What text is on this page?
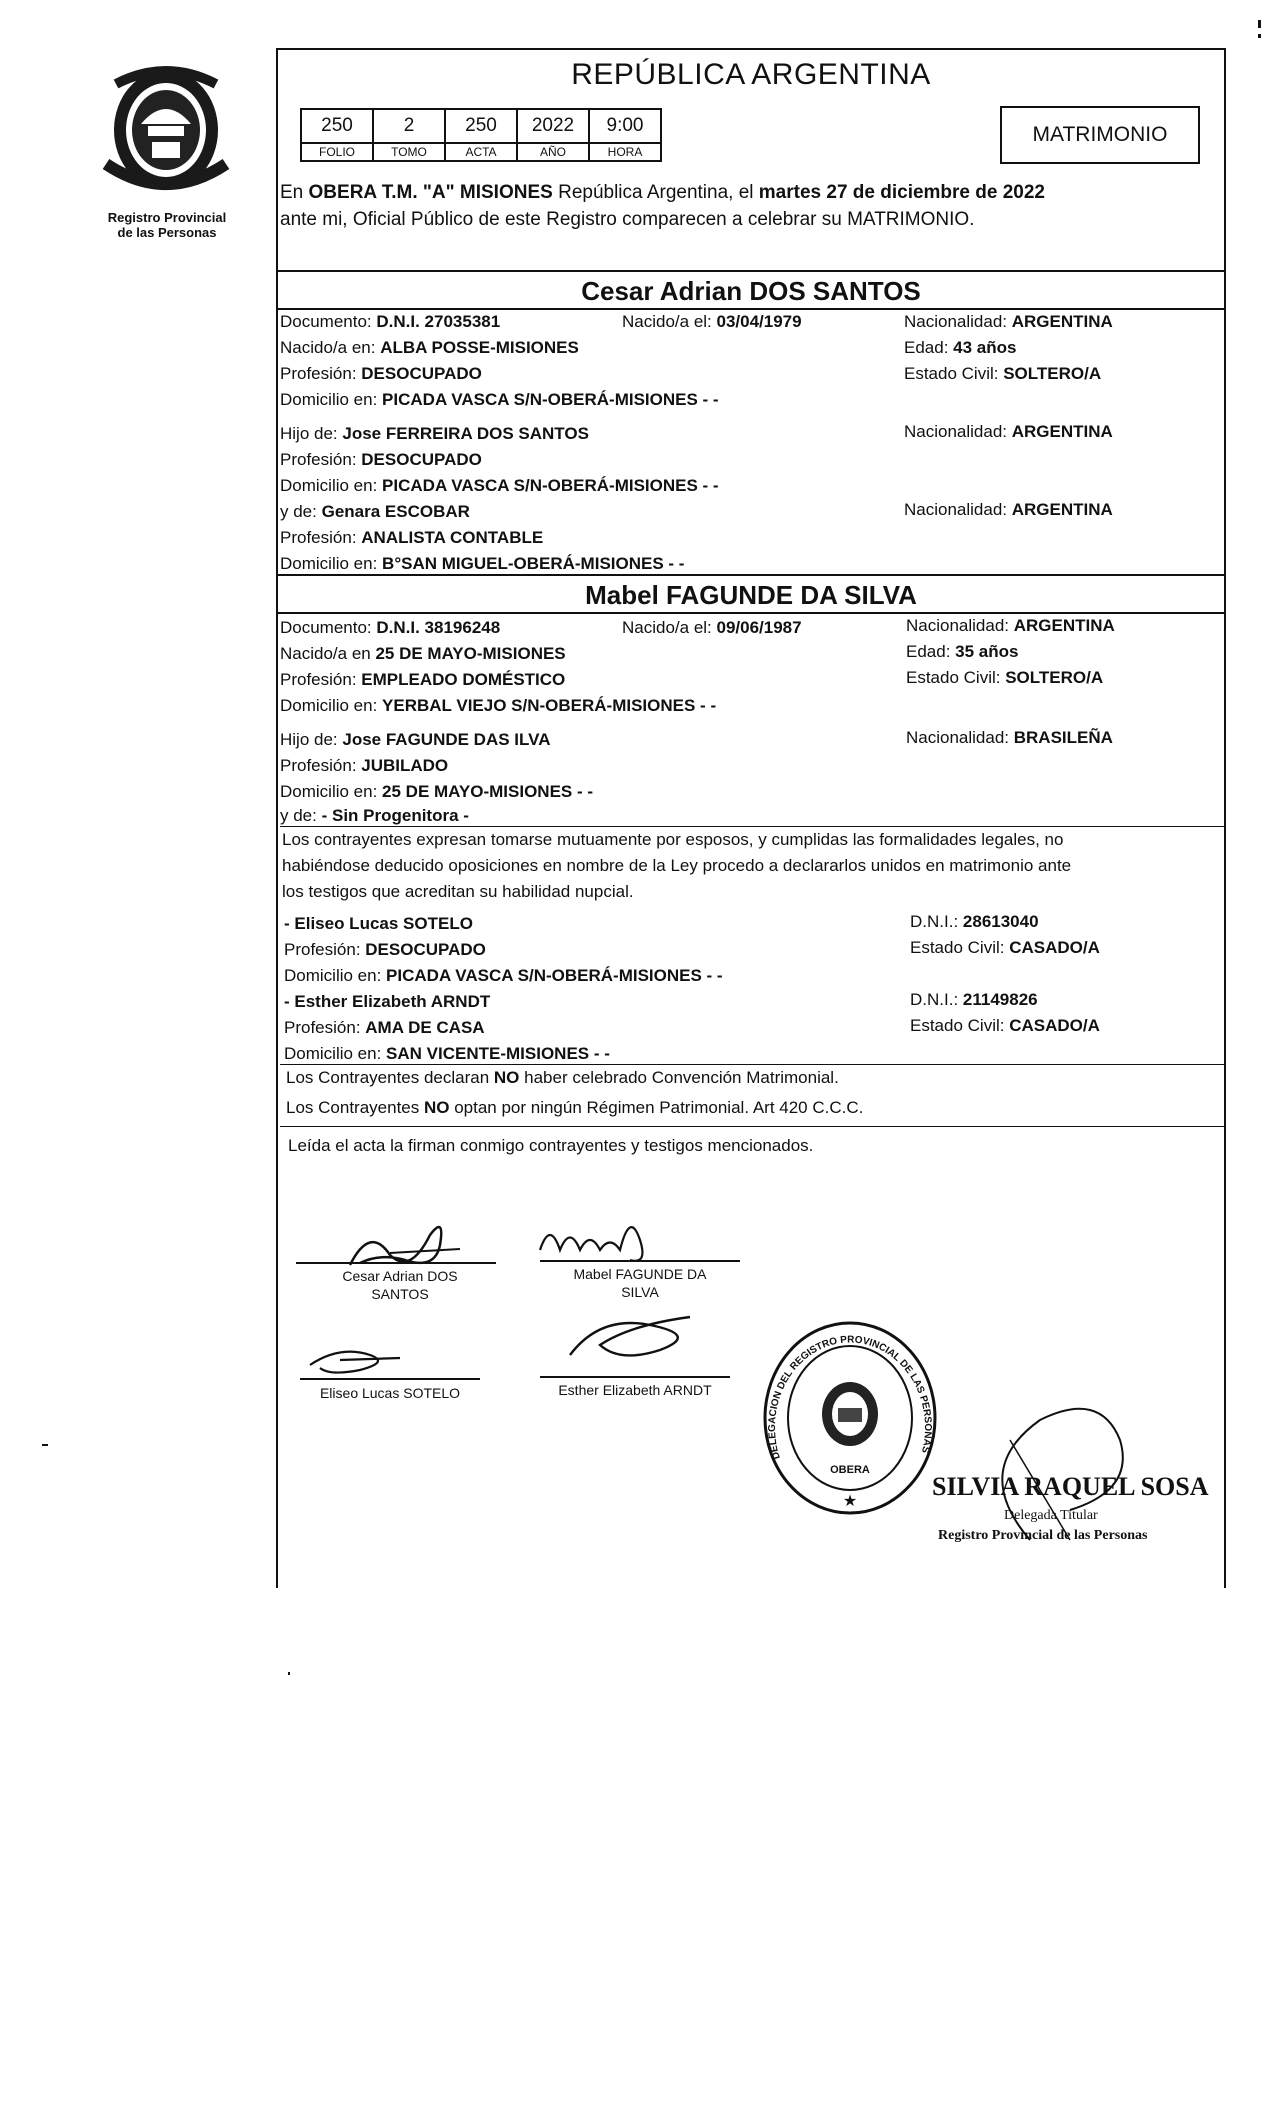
Registro Provincial
de las Personas
REPÚBLICA ARGENTINA
250	2	250	2022	9:00
FOLIO	TOMO	ACTA	AÑO	HORA
MATRIMONIO
En OBERA T.M. "A" MISIONES República Argentina, el martes 27 de diciembre de 2022
ante mi, Oficial Público de este Registro comparecen a celebrar su MATRIMONIO.
Cesar Adrian DOS SANTOS
Documento: D.N.I. 27035381	Nacido/a el: 03/04/1979	Nacionalidad: ARGENTINA
Nacido/a en: ALBA POSSE-MISIONES	Edad: 43 años
Profesión: DESOCUPADO	Estado Civil: SOLTERO/A
Domicilio en: PICADA VASCA S/N-OBERÁ-MISIONES - -
Hijo de: Jose FERREIRA DOS SANTOS	Nacionalidad: ARGENTINA
Profesión: DESOCUPADO
Domicilio en: PICADA VASCA S/N-OBERÁ-MISIONES - -
y de: Genara ESCOBAR	Nacionalidad: ARGENTINA
Profesión: ANALISTA CONTABLE
Domicilio en: B°SAN MIGUEL-OBERÁ-MISIONES - -
Mabel FAGUNDE DA SILVA
Documento: D.N.I. 38196248	Nacido/a el: 09/06/1987	Nacionalidad: ARGENTINA
Nacido/a en 25 DE MAYO-MISIONES	Edad: 35 años
Profesión: EMPLEADO DOMÉSTICO	Estado Civil: SOLTERO/A
Domicilio en: YERBAL VIEJO S/N-OBERÁ-MISIONES - -
Hijo de: Jose FAGUNDE DAS ILVA	Nacionalidad: BRASILEÑA
Profesión: JUBILADO
Domicilio en: 25 DE MAYO-MISIONES - -
y de: - Sin Progenitora -
Los contrayentes expresan tomarse mutuamente por esposos, y cumplidas las formalidades legales, no
habiéndose deducido oposiciones en nombre de la Ley procedo a declararlos unidos en matrimonio ante
los testigos que acreditan su habilidad nupcial.
- Eliseo Lucas SOTELO	D.N.I.: 28613040
Profesión: DESOCUPADO	Estado Civil: CASADO/A
Domicilio en: PICADA VASCA S/N-OBERÁ-MISIONES - -
- Esther Elizabeth ARNDT	D.N.I.: 21149826
Profesión: AMA DE CASA	Estado Civil: CASADO/A
Domicilio en: SAN VICENTE-MISIONES - -
Los Contrayentes declaran NO haber celebrado Convención Matrimonial.
Los Contrayentes NO optan por ningún Régimen Patrimonial. Art 420 C.C.C.
Leída el acta la firman conmigo contrayentes y testigos mencionados.
Cesar Adrian DOS
SANTOS
Mabel FAGUNDE DA
SILVA
Eliseo Lucas SOTELO	Esther Elizabeth ARNDT
OBERA
★
DELEGACION DEL REGISTRO PROVINCIAL DE LAS PERSONAS
SILVIA RAQUEL SOSA
Delegada Titular
Registro Provincial de las Personas
